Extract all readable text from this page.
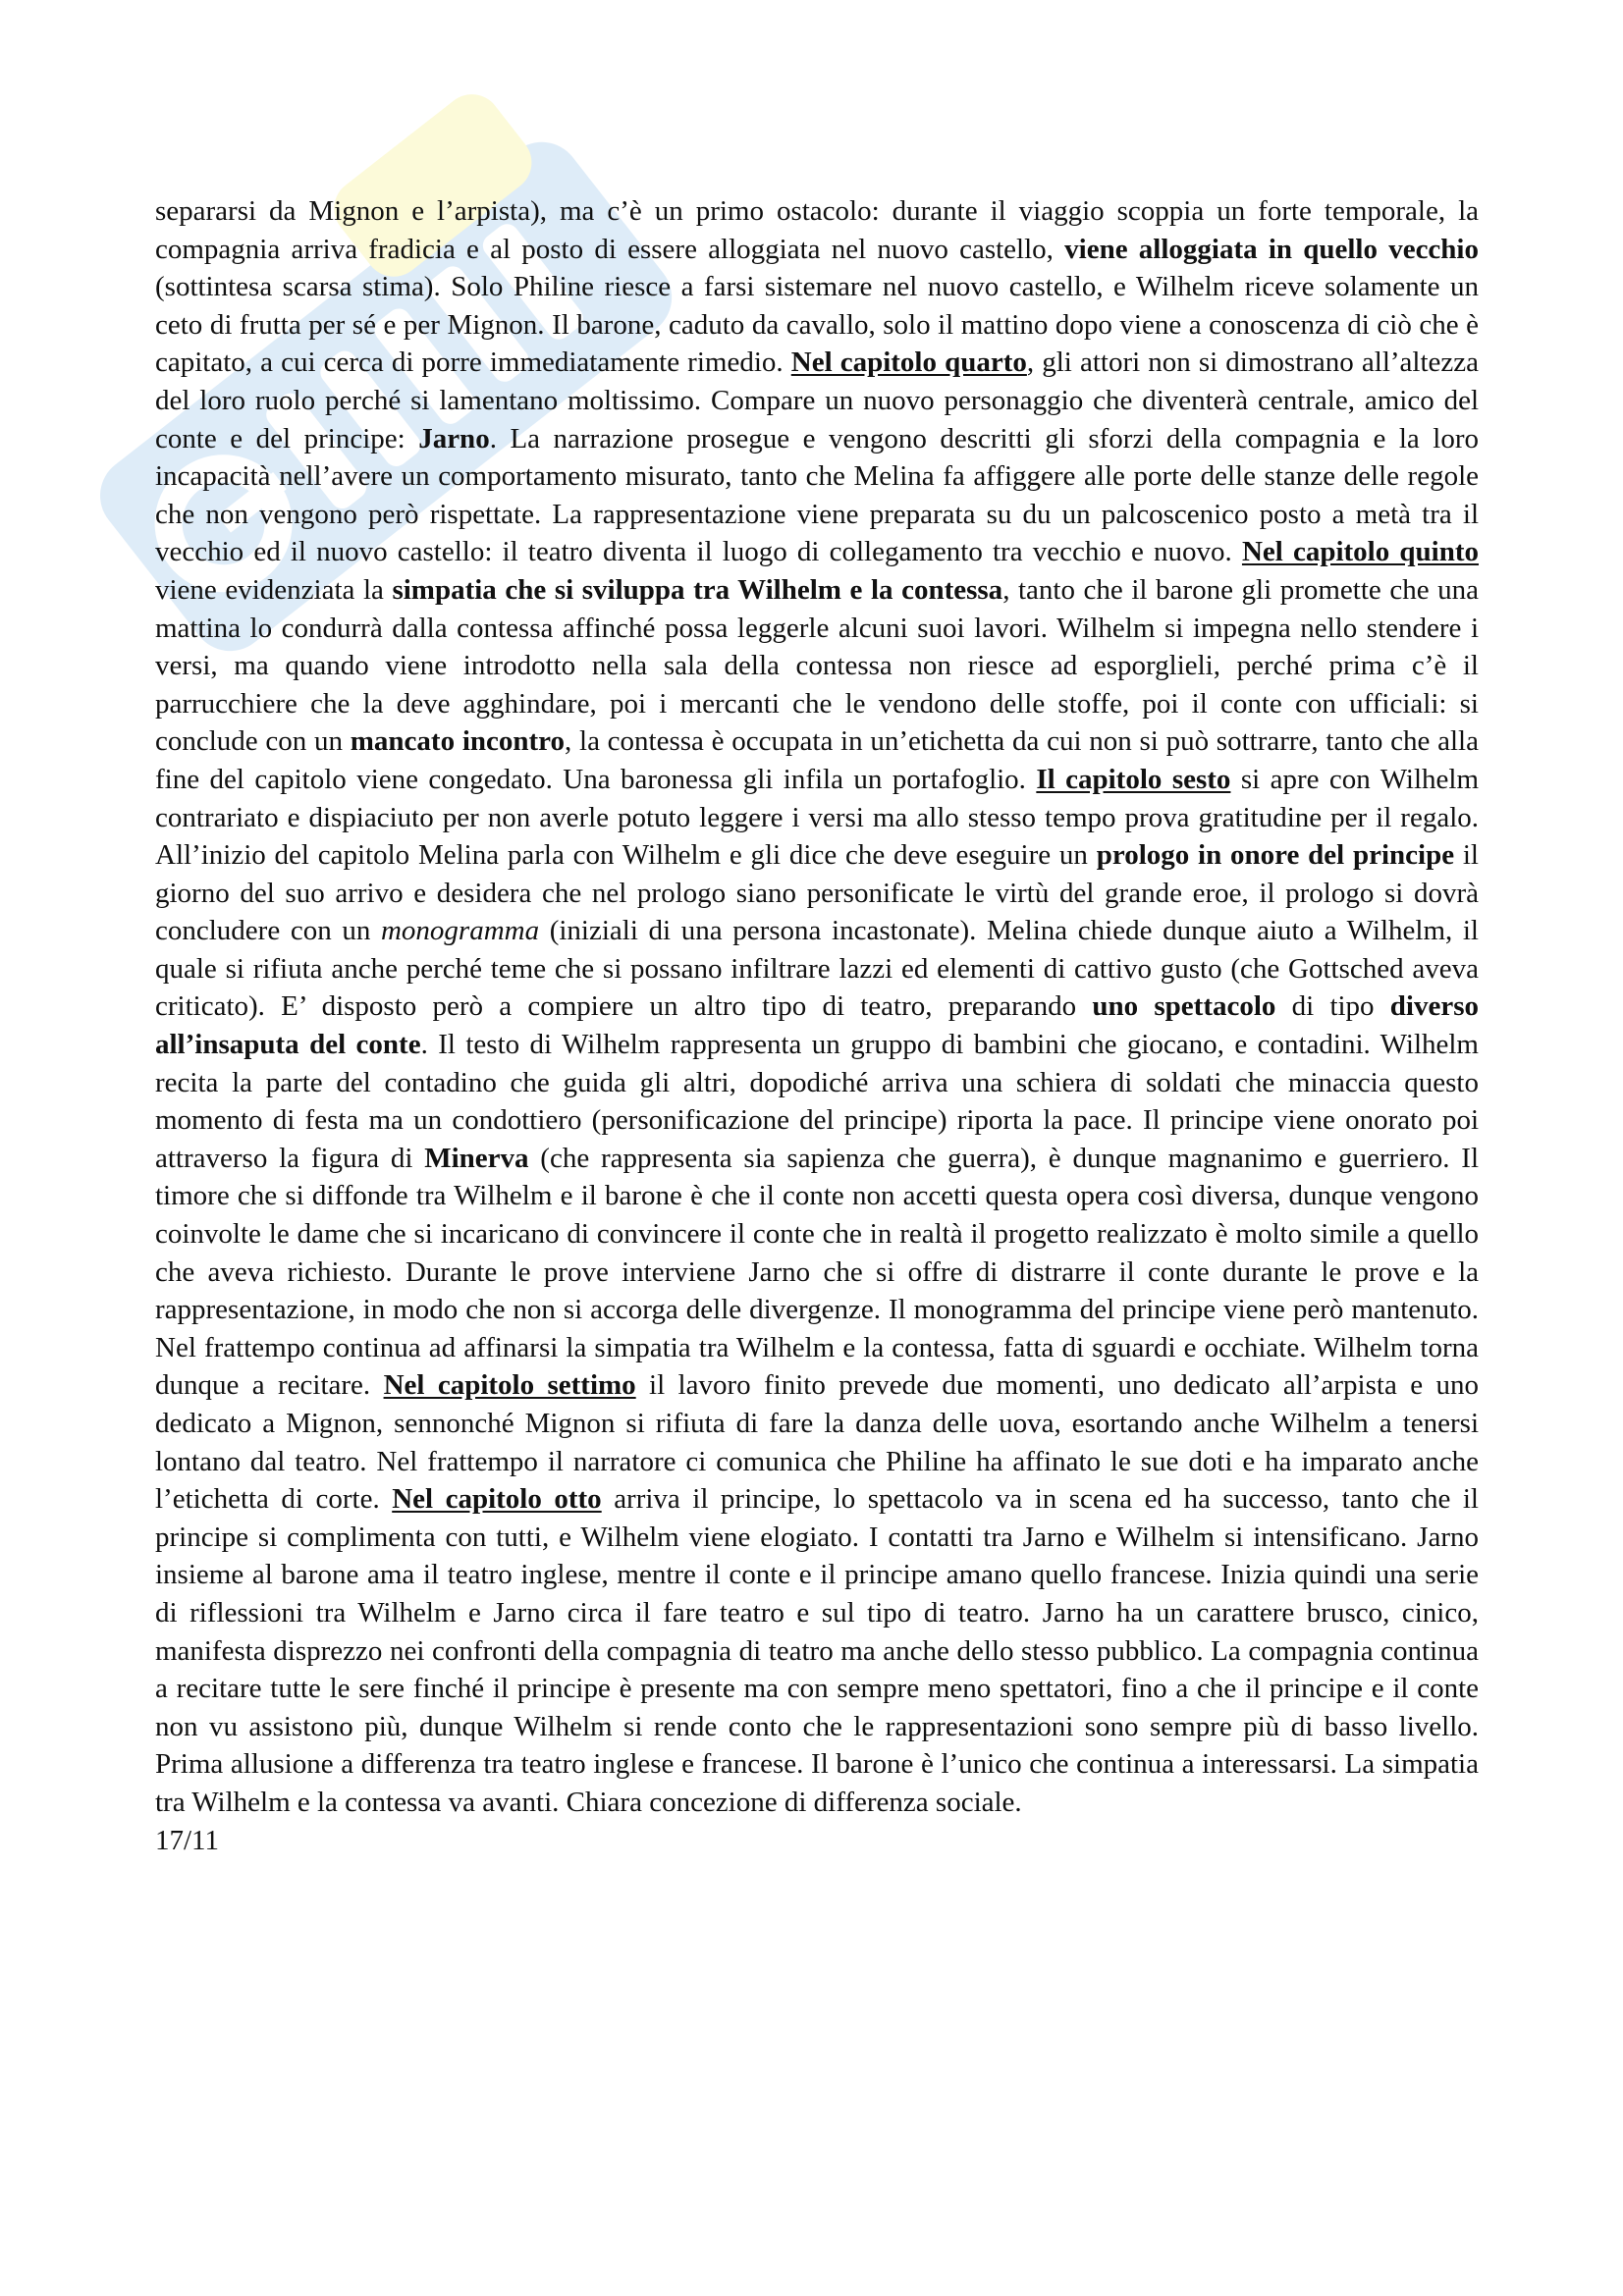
separarsi da Mignon e l’arpista), ma c’è un primo ostacolo: durante il viaggio scoppia un forte temporale, la compagnia arriva fradicia e al posto di essere alloggiata nel nuovo castello, viene alloggiata in quello vecchio (sottintesa scarsa stima). Solo Philine riesce a farsi sistemare nel nuovo castello, e Wilhelm riceve solamente un ceto di frutta per sé e per Mignon. Il barone, caduto da cavallo, solo il mattino dopo viene a conoscenza di ciò che è capitato, a cui cerca di porre immediatamente rimedio. Nel capitolo quarto, gli attori non si dimostrano all’altezza del loro ruolo perché si lamentano moltissimo. Compare un nuovo personaggio che diventerà centrale, amico del conte e del principe: Jarno. La narrazione prosegue e vengono descritti gli sforzi della compagnia e la loro incapacità nell’avere un comportamento misurato, tanto che Melina fa affiggere alle porte delle stanze delle regole che non vengono però rispettate. La rappresentazione viene preparata su du un palcoscenico posto a metà tra il vecchio ed il nuovo castello: il teatro diventa il luogo di collegamento tra vecchio e nuovo. Nel capitolo quinto viene evidenziata la simpatia che si sviluppa tra Wilhelm e la contessa, tanto che il barone gli promette che una mattina lo condurrà dalla contessa affinché possa leggerle alcuni suoi lavori. Wilhelm si impegna nello stendere i versi, ma quando viene introdotto nella sala della contessa non riesce ad esporglieli, perché prima c’è il parrucchiere che la deve agghindare, poi i mercanti che le vendono delle stoffe, poi il conte con ufficiali: si conclude con un mancato incontro, la contessa è occupata in un’etichetta da cui non si può sottrarre, tanto che alla fine del capitolo viene congedato. Una baronessa gli infila un portafoglio. Il capitolo sesto si apre con Wilhelm contrariato e dispiaciuto per non averle potuto leggere i versi ma allo stesso tempo prova gratitudine per il regalo. All’inizio del capitolo Melina parla con Wilhelm e gli dice che deve eseguire un prologo in onore del principe il giorno del suo arrivo e desidera che nel prologo siano personificate le virtù del grande eroe, il prologo si dovrà concludere con un monogramma (iniziali di una persona incastonate). Melina chiede dunque aiuto a Wilhelm, il quale si rifiuta anche perché teme che si possano infiltrare lazzi ed elementi di cattivo gusto (che Gottsched aveva criticato). E’ disposto però a compiere un altro tipo di teatro, preparando uno spettacolo di tipo diverso all’insaputa del conte. Il testo di Wilhelm rappresenta un gruppo di bambini che giocano, e contadini. Wilhelm recita la parte del contadino che guida gli altri, dopodiché arriva una schiera di soldati che minaccia questo momento di festa ma un condottiero (personificazione del principe) riporta la pace. Il principe viene onorato poi attraverso la figura di Minerva (che rappresenta sia sapienza che guerra), è dunque magnanimo e guerriero. Il timore che si diffonde tra Wilhelm e il barone è che il conte non accetti questa opera così diversa, dunque vengono coinvolte le dame che si incaricano di convincere il conte che in realtà il progetto realizzato è molto simile a quello che aveva richiesto. Durante le prove interviene Jarno che si offre di distrarre il conte durante le prove e la rappresentazione, in modo che non si accorga delle divergenze. Il monogramma del principe viene però mantenuto. Nel frattempo continua ad affinarsi la simpatia tra Wilhelm e la contessa, fatta di sguardi e occhiate. Wilhelm torna dunque a recitare. Nel capitolo settimo il lavoro finito prevede due momenti, uno dedicato all’arpista e uno dedicato a Mignon, sennonché Mignon si rifiuta di fare la danza delle uova, esortando anche Wilhelm a tenersi lontano dal teatro. Nel frattempo il narratore ci comunica che Philine ha affinato le sue doti e ha imparato anche l’etichetta di corte. Nel capitolo otto arriva il principe, lo spettacolo va in scena ed ha successo, tanto che il principe si complimenta con tutti, e Wilhelm viene elogiato. I contatti tra Jarno e Wilhelm si intensificano. Jarno insieme al barone ama il teatro inglese, mentre il conte e il principe amano quello francese. Inizia quindi una serie di riflessioni tra Wilhelm e Jarno circa il fare teatro e sul tipo di teatro. Jarno ha un carattere brusco, cinico, manifesta disprezzo nei confronti della compagnia di teatro ma anche dello stesso pubblico. La compagnia continua a recitare tutte le sere finché il principe è presente ma con sempre meno spettatori, fino a che il principe e il conte non vu assistono più, dunque Wilhelm si rende conto che le rappresentazioni sono sempre più di basso livello. Prima allusione a differenza tra teatro inglese e francese. Il barone è l’unico che continua a interessarsi. La simpatia tra Wilhelm e la contessa va avanti. Chiara concezione di differenza sociale.

17/11
